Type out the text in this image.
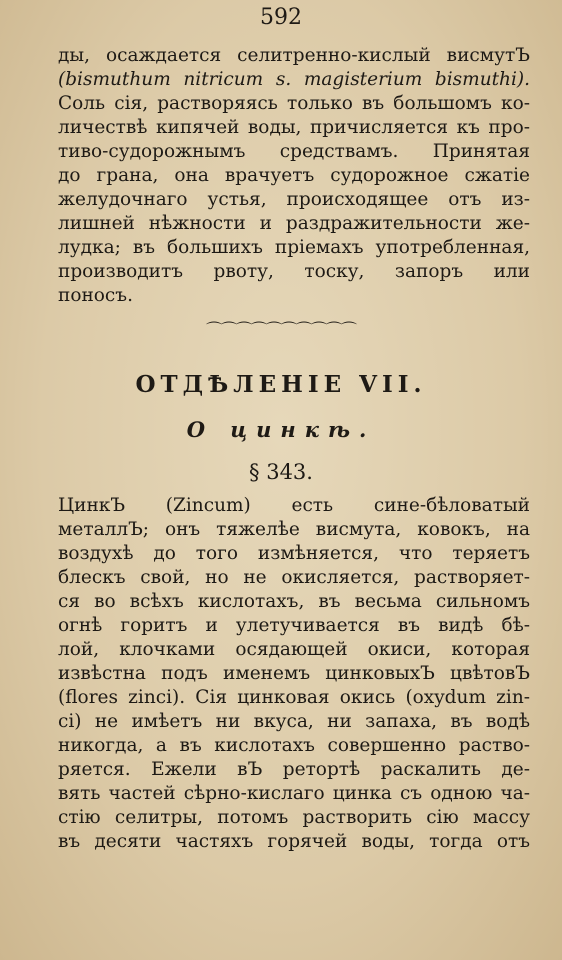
592
ды, осаждается селитренно-кислый висмутЪ
(bismuthum nitricum s. magisterium bismuthi).
Соль сія, растворяясь только въ большомъ ко-
личествѣ кипячей воды, причисляется къ про-
тиво-судорожнымъ средствамъ. Принятая
до грана, она врачуетъ судорожное сжатіе
желудочнаго устья, происходящее отъ из-
лишней нѣжности и раздражительности же-
лудка; въ большихъ пріемахъ употребленная,
производитъ рвоту, тоску, запоръ или
поносъ.
⌒⌒⌒⌒⌒⌒⌒⌒⌒⌒
ОТДѢЛЕНІЕ VII.
О цинкѣ.
§ 343.
ЦинкЪ (Zincum) есть сине-бѣловатый
металлЪ; онъ тяжелѣе висмута, ковокъ, на
воздухѣ до того измѣняется, что теряетъ
блескъ свой, но не окисляется, растворяет-
ся во всѣхъ кислотахъ, въ весьма сильномъ
огнѣ горитъ и улетучивается въ видѣ бѣ-
лой, клочками осядающей окиси, которая
извѣстна подъ именемъ цинковыхЪ цвѣтовЪ
(flores zinci). Сія цинковая окись (oxydum zin-
ci) не имѣетъ ни вкуса, ни запаха, въ водѣ
никогда, а въ кислотахъ совершенно раство-
ряется. Ежели вЪ ретортѣ раскалить де-
вять частей сѣрно-кислаго цинка съ одною ча-
стію селитры, потомъ растворить сію массу
въ десяти частяхъ горячей воды, тогда отъ
